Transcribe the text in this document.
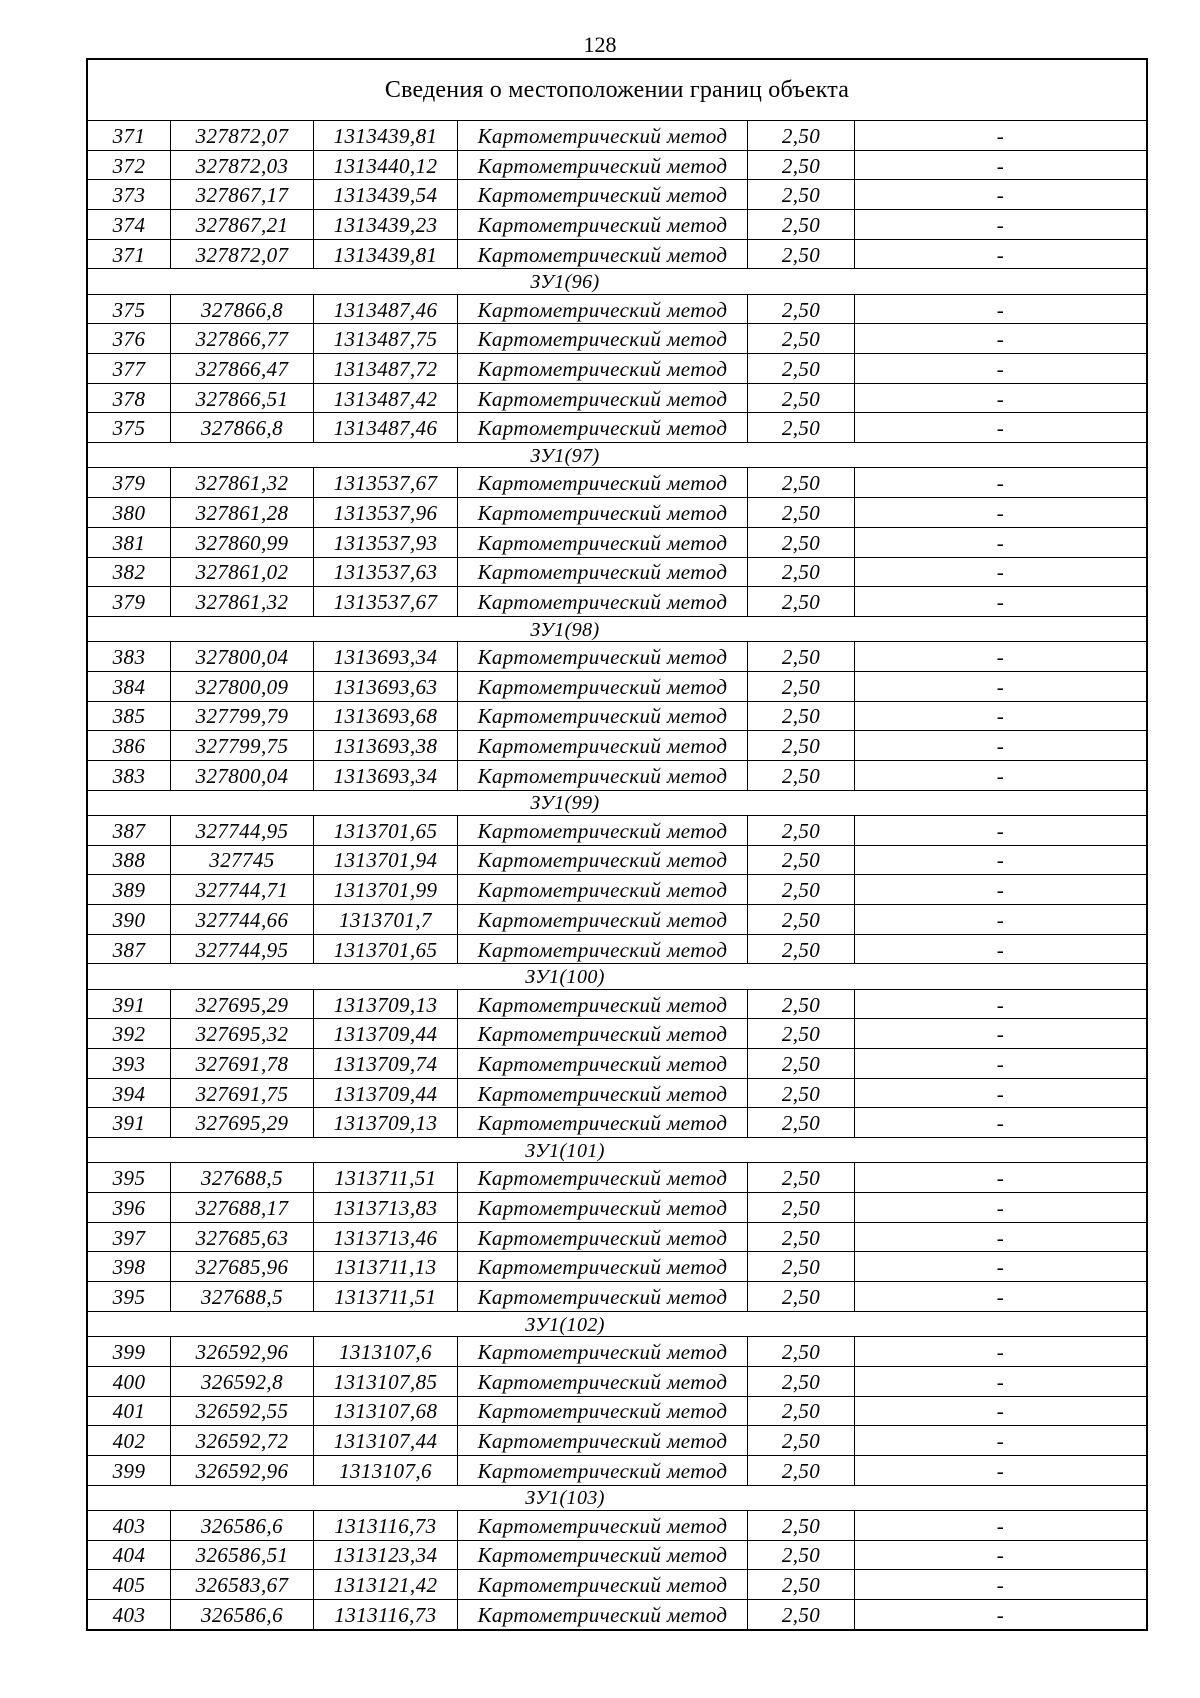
128
Сведения о местоположении границ объекта
371	327872,07	1313439,81	Картометрический метод	2,50	-
372	327872,03	1313440,12	Картометрический метод	2,50	-
373	327867,17	1313439,54	Картометрический метод	2,50	-
374	327867,21	1313439,23	Картометрический метод	2,50	-
371	327872,07	1313439,81	Картометрический метод	2,50	-
ЗУ1(96)
375	327866,8	1313487,46	Картометрический метод	2,50	-
376	327866,77	1313487,75	Картометрический метод	2,50	-
377	327866,47	1313487,72	Картометрический метод	2,50	-
378	327866,51	1313487,42	Картометрический метод	2,50	-
375	327866,8	1313487,46	Картометрический метод	2,50	-
ЗУ1(97)
379	327861,32	1313537,67	Картометрический метод	2,50	-
380	327861,28	1313537,96	Картометрический метод	2,50	-
381	327860,99	1313537,93	Картометрический метод	2,50	-
382	327861,02	1313537,63	Картометрический метод	2,50	-
379	327861,32	1313537,67	Картометрический метод	2,50	-
ЗУ1(98)
383	327800,04	1313693,34	Картометрический метод	2,50	-
384	327800,09	1313693,63	Картометрический метод	2,50	-
385	327799,79	1313693,68	Картометрический метод	2,50	-
386	327799,75	1313693,38	Картометрический метод	2,50	-
383	327800,04	1313693,34	Картометрический метод	2,50	-
ЗУ1(99)
387	327744,95	1313701,65	Картометрический метод	2,50	-
388	327745	1313701,94	Картометрический метод	2,50	-
389	327744,71	1313701,99	Картометрический метод	2,50	-
390	327744,66	1313701,7	Картометрический метод	2,50	-
387	327744,95	1313701,65	Картометрический метод	2,50	-
ЗУ1(100)
391	327695,29	1313709,13	Картометрический метод	2,50	-
392	327695,32	1313709,44	Картометрический метод	2,50	-
393	327691,78	1313709,74	Картометрический метод	2,50	-
394	327691,75	1313709,44	Картометрический метод	2,50	-
391	327695,29	1313709,13	Картометрический метод	2,50	-
ЗУ1(101)
395	327688,5	1313711,51	Картометрический метод	2,50	-
396	327688,17	1313713,83	Картометрический метод	2,50	-
397	327685,63	1313713,46	Картометрический метод	2,50	-
398	327685,96	1313711,13	Картометрический метод	2,50	-
395	327688,5	1313711,51	Картометрический метод	2,50	-
ЗУ1(102)
399	326592,96	1313107,6	Картометрический метод	2,50	-
400	326592,8	1313107,85	Картометрический метод	2,50	-
401	326592,55	1313107,68	Картометрический метод	2,50	-
402	326592,72	1313107,44	Картометрический метод	2,50	-
399	326592,96	1313107,6	Картометрический метод	2,50	-
ЗУ1(103)
403	326586,6	1313116,73	Картометрический метод	2,50	-
404	326586,51	1313123,34	Картометрический метод	2,50	-
405	326583,67	1313121,42	Картометрический метод	2,50	-
403	326586,6	1313116,73	Картометрический метод	2,50	-
